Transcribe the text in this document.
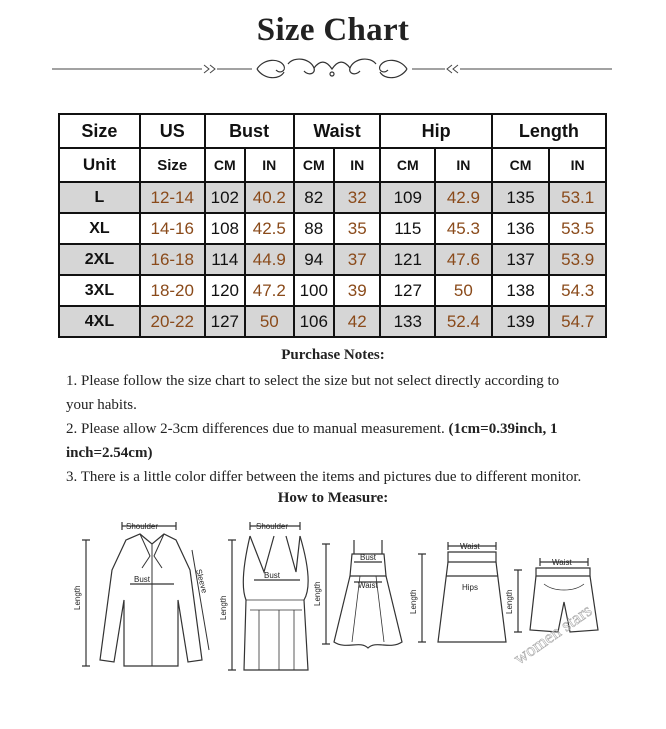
Size Chart
Size	US	Bust		Waist		Hip		Length	
Unit	Size	CM	IN	CM	IN	CM	IN	CM	IN
L	12-14	102	40.2	82	32	109	42.9	135	53.1
XL	14-16	108	42.5	88	35	115	45.3	136	53.5
2XL	16-18	114	44.9	94	37	121	47.6	137	53.9
3XL	18-20	120	47.2	100	39	127	50	138	54.3
4XL	20-22	127	50	106	42	133	52.4	139	54.7
Purchase Notes:
1. Please follow the size chart to select the size but not select directly according to
your habits.
2. Please allow 2-3cm differences due to manual measurement. (1cm=0.39inch, 1
inch=2.54cm)
3. There is a little color differ between the items and pictures due to different monitor.
How to Measure:
Shoulder
Bust
Length
Sleeve
Shoulder
Bust
Length
Bust
Waist
Length
Waist
Hips
Length
Waist
Length
women stars
